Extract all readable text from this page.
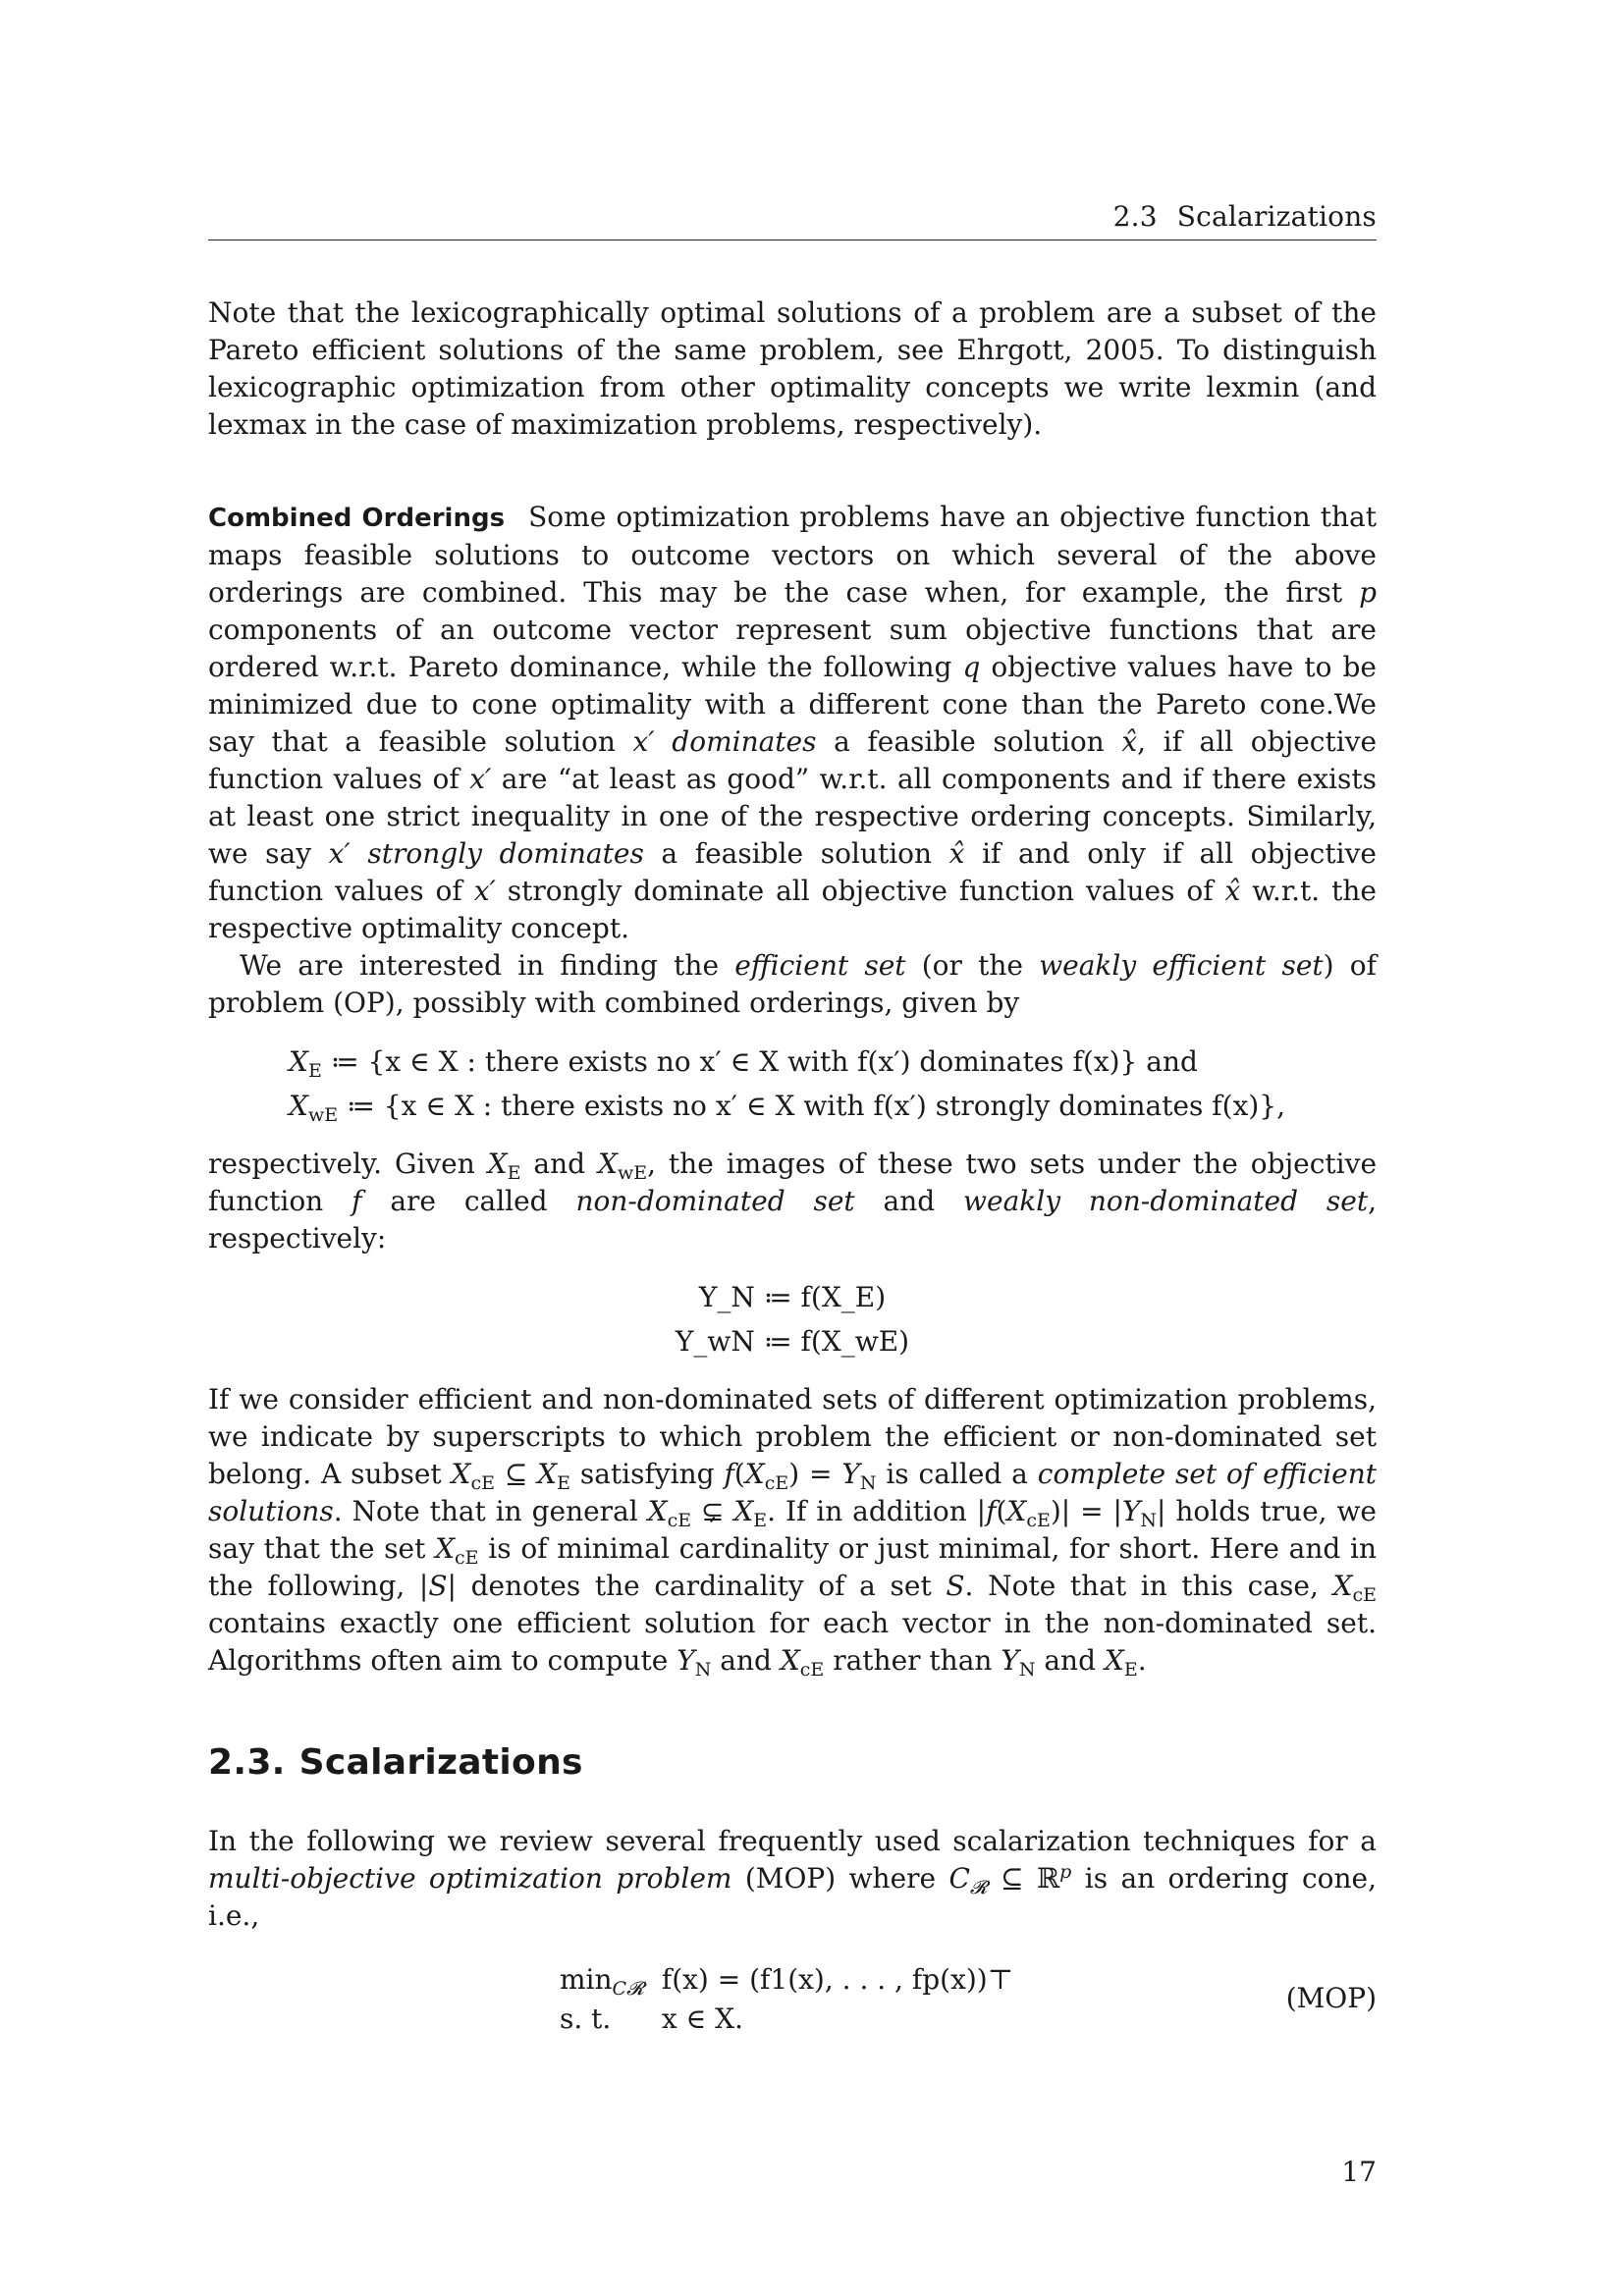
2.3 Scalarizations

Note that the lexicographically optimal solutions of a problem are a subset of the Pareto efficient solutions of the same problem, see Ehrgott, 2005. To distinguish lexicographic optimization from other optimality concepts we write lexmin (and lexmax in the case of maximization problems, respectively).

Combined Orderings Some optimization problems have an objective function that maps feasible solutions to outcome vectors on which several of the above orderings are combined. This may be the case when, for example, the first p components of an outcome vector represent sum objective functions that are ordered w.r.t. Pareto dominance, while the following q objective values have to be minimized due to cone optimality with a different cone than the Pareto cone.We say that a feasible solution x′ dominates a feasible solution x̂, if all objective function values of x′ are “at least as good” w.r.t. all components and if there exists at least one strict inequality in one of the respective ordering concepts. Similarly, we say x′ strongly dominates a feasible solution x̂ if and only if all objective function values of x′ strongly dominate all objective function values of x̂ w.r.t. the respective optimality concept.

We are interested in finding the efficient set (or the weakly efficient set) of problem (OP), possibly with combined orderings, given by

$X_E$ ≔ {x ∈ X : there exists no x′ ∈ X with f(x′) dominates f(x)} and
$X_{wE}$ ≔ {x ∈ X : there exists no x′ ∈ X with f(x′) strongly dominates f(x)},

respectively. Given $X_E$ and $X_{wE}$, the images of these two sets under the objective function f are called non-dominated set and weakly non-dominated set, respectively:

Y_N ≔ f(X_E)
Y_wN ≔ f(X_wE)

If we consider efficient and non-dominated sets of different optimization problems, we indicate by superscripts to which problem the efficient or non-dominated set belong. A subset $X_{cE}$ ⊆ $X_E$ satisfying $f(X_{cE}) = Y_N$ is called a complete set of efficient solutions. Note that in general $X_{cE}$ ⊊ $X_E$. If in addition $|f(X_{cE})| = |Y_N|$ holds true, we say that the set $X_{cE}$ is of minimal cardinality or just minimal, for short. Here and in the following, |S| denotes the cardinality of a set S. Note that in this case, $X_{cE}$ contains exactly one efficient solution for each vector in the non-dominated set. Algorithms often aim to compute $Y_N$ and $X_{cE}$ rather than $Y_N$ and $X_E$.

2.3. Scalarizations

In the following we review several frequently used scalarization techniques for a multi-objective optimization problem (MOP) where $C_𝓡$ ⊆ ℝ$^p$ is an ordering cone, i.e.,

$\min_{C𝓡}$	f(x) = (f1(x), . . . , fp(x))⊤
s. t.	x ∈ X.
(MOP)
17
